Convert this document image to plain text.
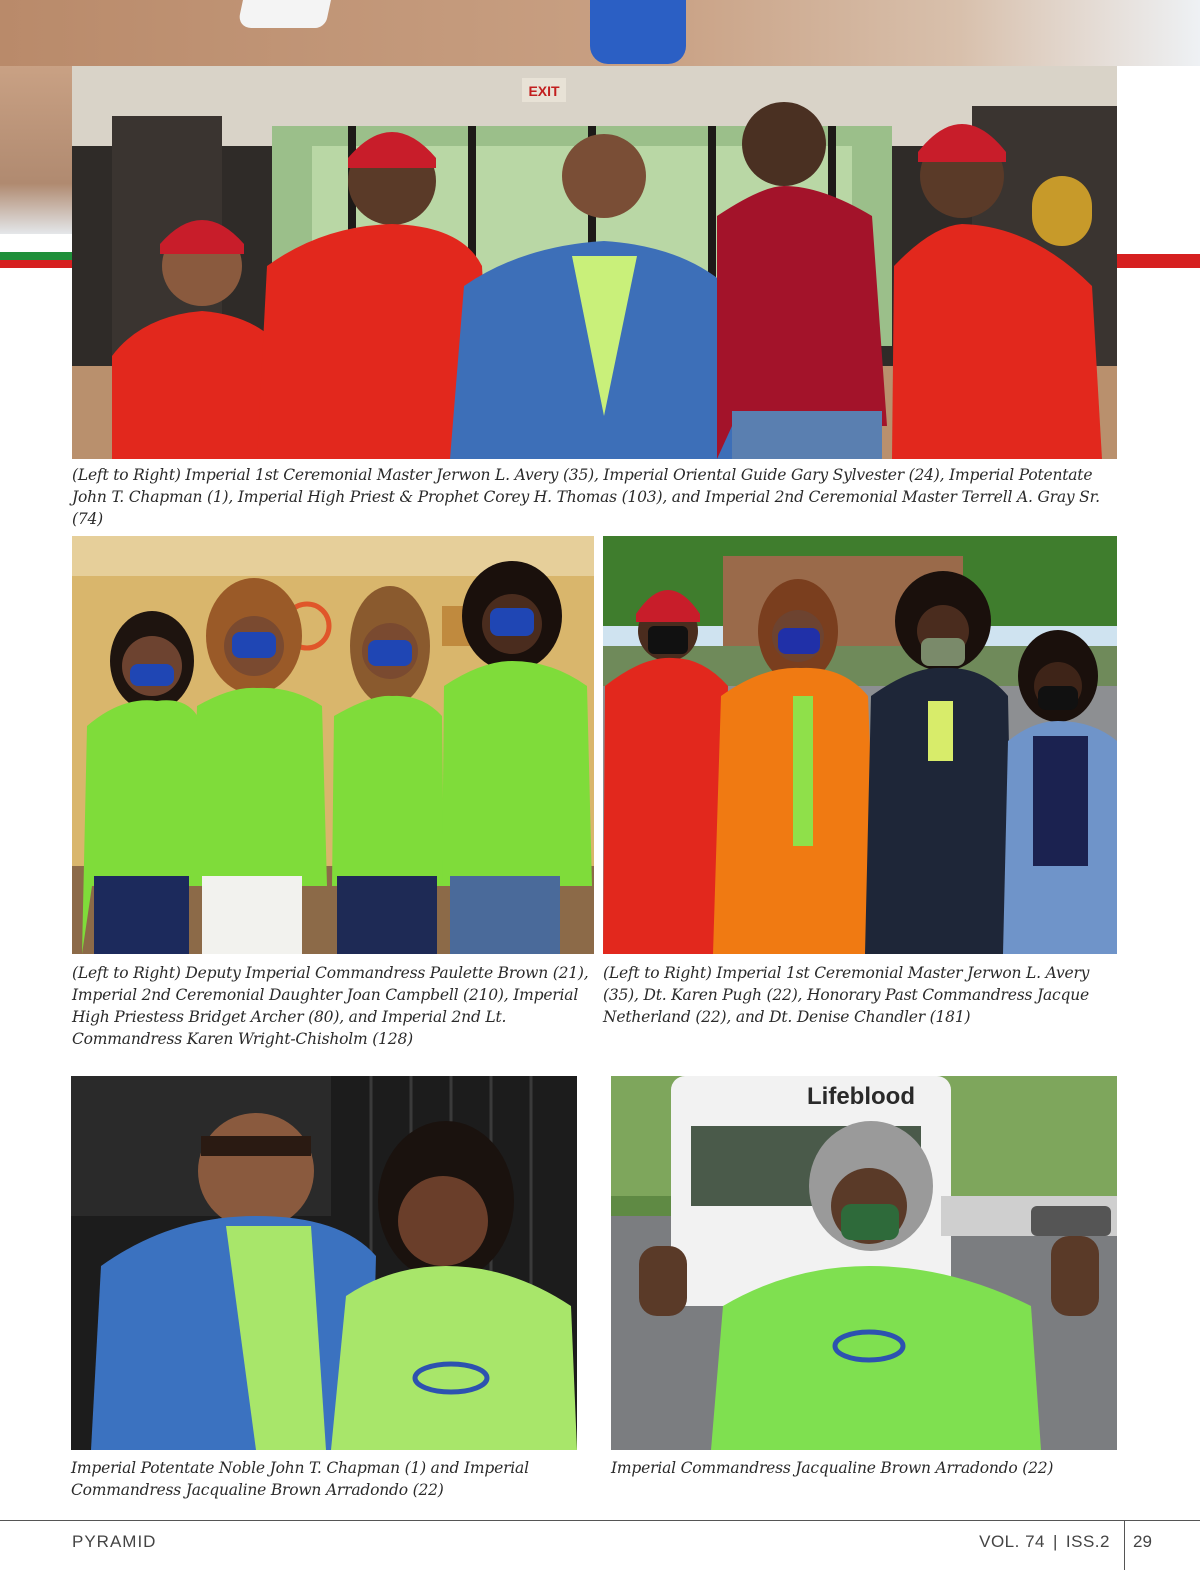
EXIT

(Left to Right) Imperial 1st Ceremonial Master Jerwon L. Avery (35), Imperial Oriental Guide Gary Sylvester (24), Imperial Potentate John T. Chapman (1), Imperial High Priest & Prophet Corey H. Thomas (103), and Imperial 2nd Ceremonial Master Terrell A. Gray Sr. (74)

(Left to Right) Deputy Imperial Commandress Paulette Brown (21), Imperial 2nd Ceremonial Daughter Joan Campbell (210), Imperial High Priestess Bridget Archer (80), and Imperial 2nd Lt. Commandress Karen Wright-Chisholm (128)

(Left to Right) Imperial 1st Ceremonial Master Jerwon L. Avery (35), Dt. Karen Pugh (22), Honorary Past Commandress Jacque Netherland (22), and Dt. Denise Chandler (181)

Lifeblood

Imperial Potentate Noble John T. Chapman (1) and Imperial Commandress Jacqualine Brown Arradondo (22)

Imperial Commandress Jacqualine Brown Arradondo (22)

PYRAMID	VOL. 74 | ISS.2 29
